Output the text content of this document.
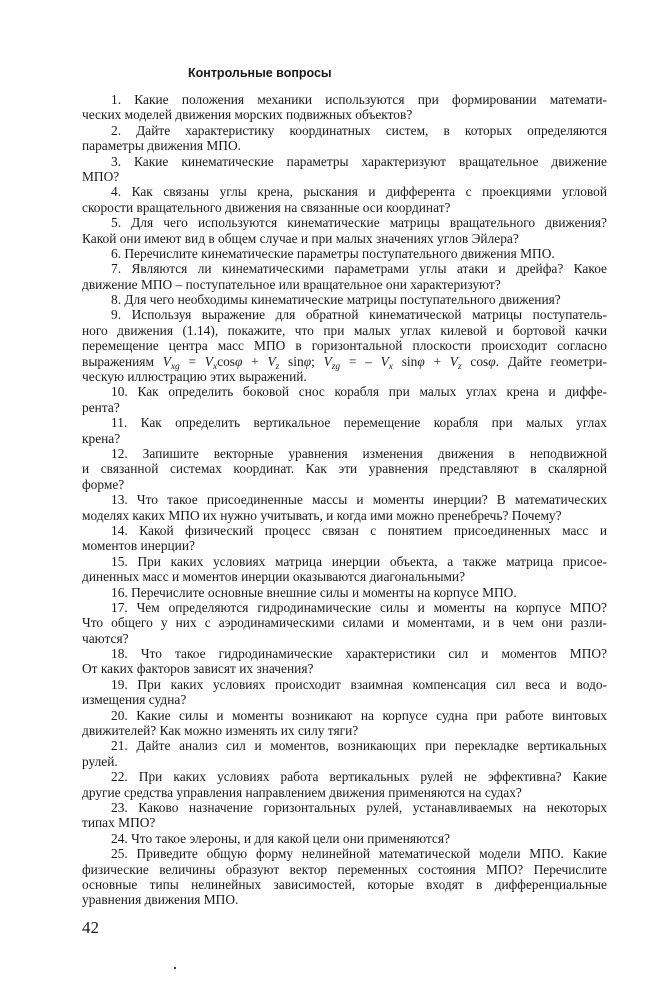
Контрольные вопросы
1. Какие положения механики используются при формировании математи-
ческих моделей движения морских подвижных объектов?
2. Дайте характеристику координатных систем, в которых определяются
параметры движения МПО.
3. Какие кинематические параметры характеризуют вращательное движение
МПО?
4. Как связаны углы крена, рыскания и дифферента с проекциями угловой
скорости вращательного движения на связанные оси координат?
5. Для чего используются кинематические матрицы вращательного движения?
Какой они имеют вид в общем случае и при малых значениях углов Эйлера?
6. Перечислите кинематические параметры поступательного движения МПО.
7. Являются ли кинематическими параметрами углы атаки и дрейфа? Какое
движение МПО – поступательное или вращательное они характеризуют?
8. Для чего необходимы кинематические матрицы поступательного движения?
9. Используя выражение для обратной кинематической матрицы поступатель-
ного движения (1.14), покажите, что при малых углах килевой и бортовой качки
перемещение центра масс МПО в горизонтальной плоскости происходит согласно
выражениям $V_{xg} = V_x\cos\varphi + V_z$ sinφ; $V_{zg}$ = – $V_x$ $\sin\varphi + V_z$ cosφ. Дайте геометри-
ческую иллюстрацию этих выражений.
10. Как определить боковой снос корабля при малых углах крена и диффе-
рента?
11. Как определить вертикальное перемещение корабля при малых углах
крена?
12. Запишите векторные уравнения изменения движения в неподвижной
и связанной системах координат. Как эти уравнения представляют в скалярной
форме?
13. Что такое присоединенные массы и моменты инерции? В математических
моделях каких МПО их нужно учитывать, и когда ими можно пренебречь? Почему?
14. Какой физический процесс связан с понятием присоединенных масс и
моментов инерции?
15. При каких условиях матрица инерции объекта, а также матрица присое-
диненных масс и моментов инерции оказываются диагональными?
16. Перечислите основные внешние силы и моменты на корпусе МПО.
17. Чем определяются гидродинамические силы и моменты на корпусе МПО?
Что общего у них с аэродинамическими силами и моментами, и в чем они разли-
чаются?
18. Что такое гидродинамические характеристики сил и моментов МПО?
От каких факторов зависят их значения?
19. При каких условиях происходит взаимная компенсация сил веса и водо-
измещения судна?
20. Какие силы и моменты возникают на корпусе судна при работе винтовых
движителей? Как можно изменять их силу тяги?
21. Дайте анализ сил и моментов, возникающих при перекладке вертикальных
рулей.
22. При каких условиях работа вертикальных рулей не эффективна? Какие
другие средства управления направлением движения применяются на судах?
23. Каково назначение горизонтальных рулей, устанавливаемых на некоторых
типах МПО?
24. Что такое элероны, и для какой цели они применяются?
25. Приведите общую форму нелинейной математической модели МПО. Какие
физические величины образуют вектор переменных состояния МПО? Перечислите
основные типы нелинейных зависимостей, которые входят в дифференциальные
уравнения движения МПО.
42
